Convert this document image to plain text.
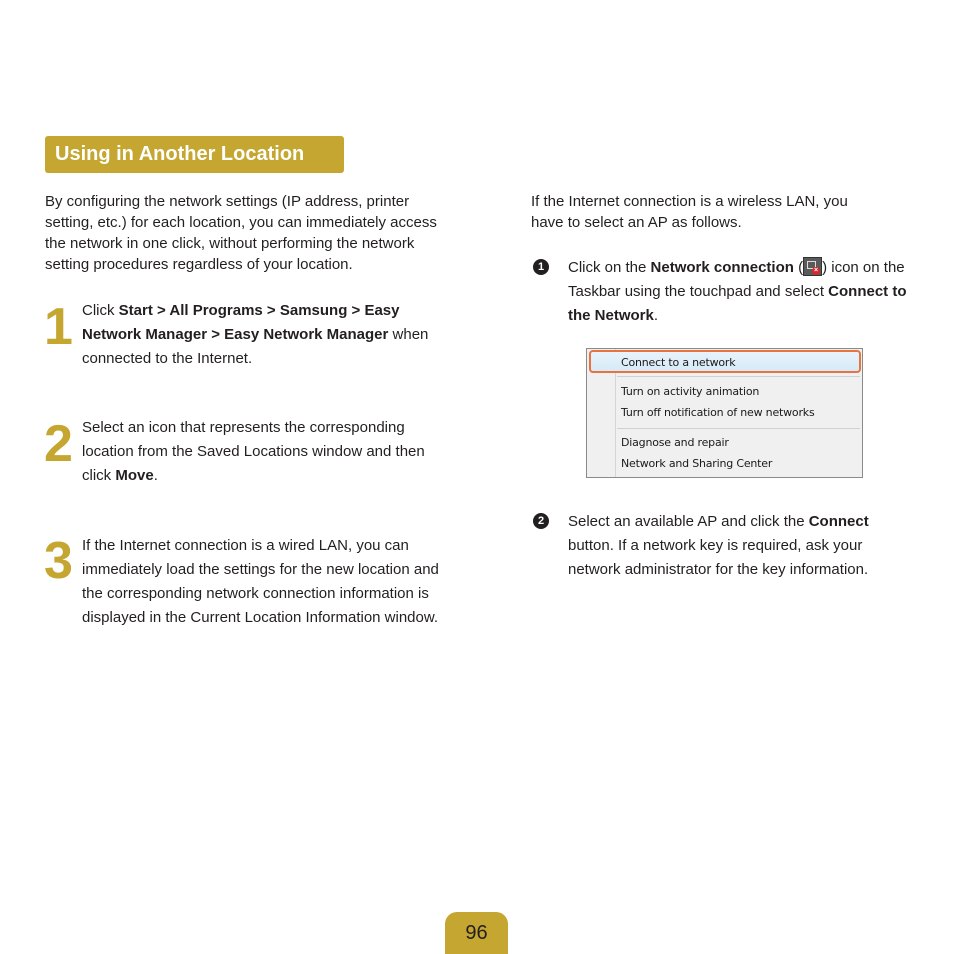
Using in Another Location

By configuring the network settings (IP address, printer setting, etc.) for each location, you can immediately access the network in one click, without performing the network setting procedures regardless of your location.

1 Click Start > All Programs > Samsung > Easy Network Manager > Easy Network Manager when connected to the Internet.

2 Select an icon that represents the corresponding location from the Saved Locations window and then click Move.

3 If the Internet connection is a wired LAN, you can immediately load the settings for the new location and the corresponding network connection information is displayed in the Current Location Information window.

If the Internet connection is a wireless LAN, you have to select an AP as follows.

1	Click on the Network connection ( × ) icon on the Taskbar using the touchpad and select Connect to the Network.

Connect to a network
Turn on activity animation
Turn off notification of new networks
Diagnose and repair
Network and Sharing Center
2	Select an available AP and click the Connect button. If a network key is required, ask your network administrator for the key information.

96
